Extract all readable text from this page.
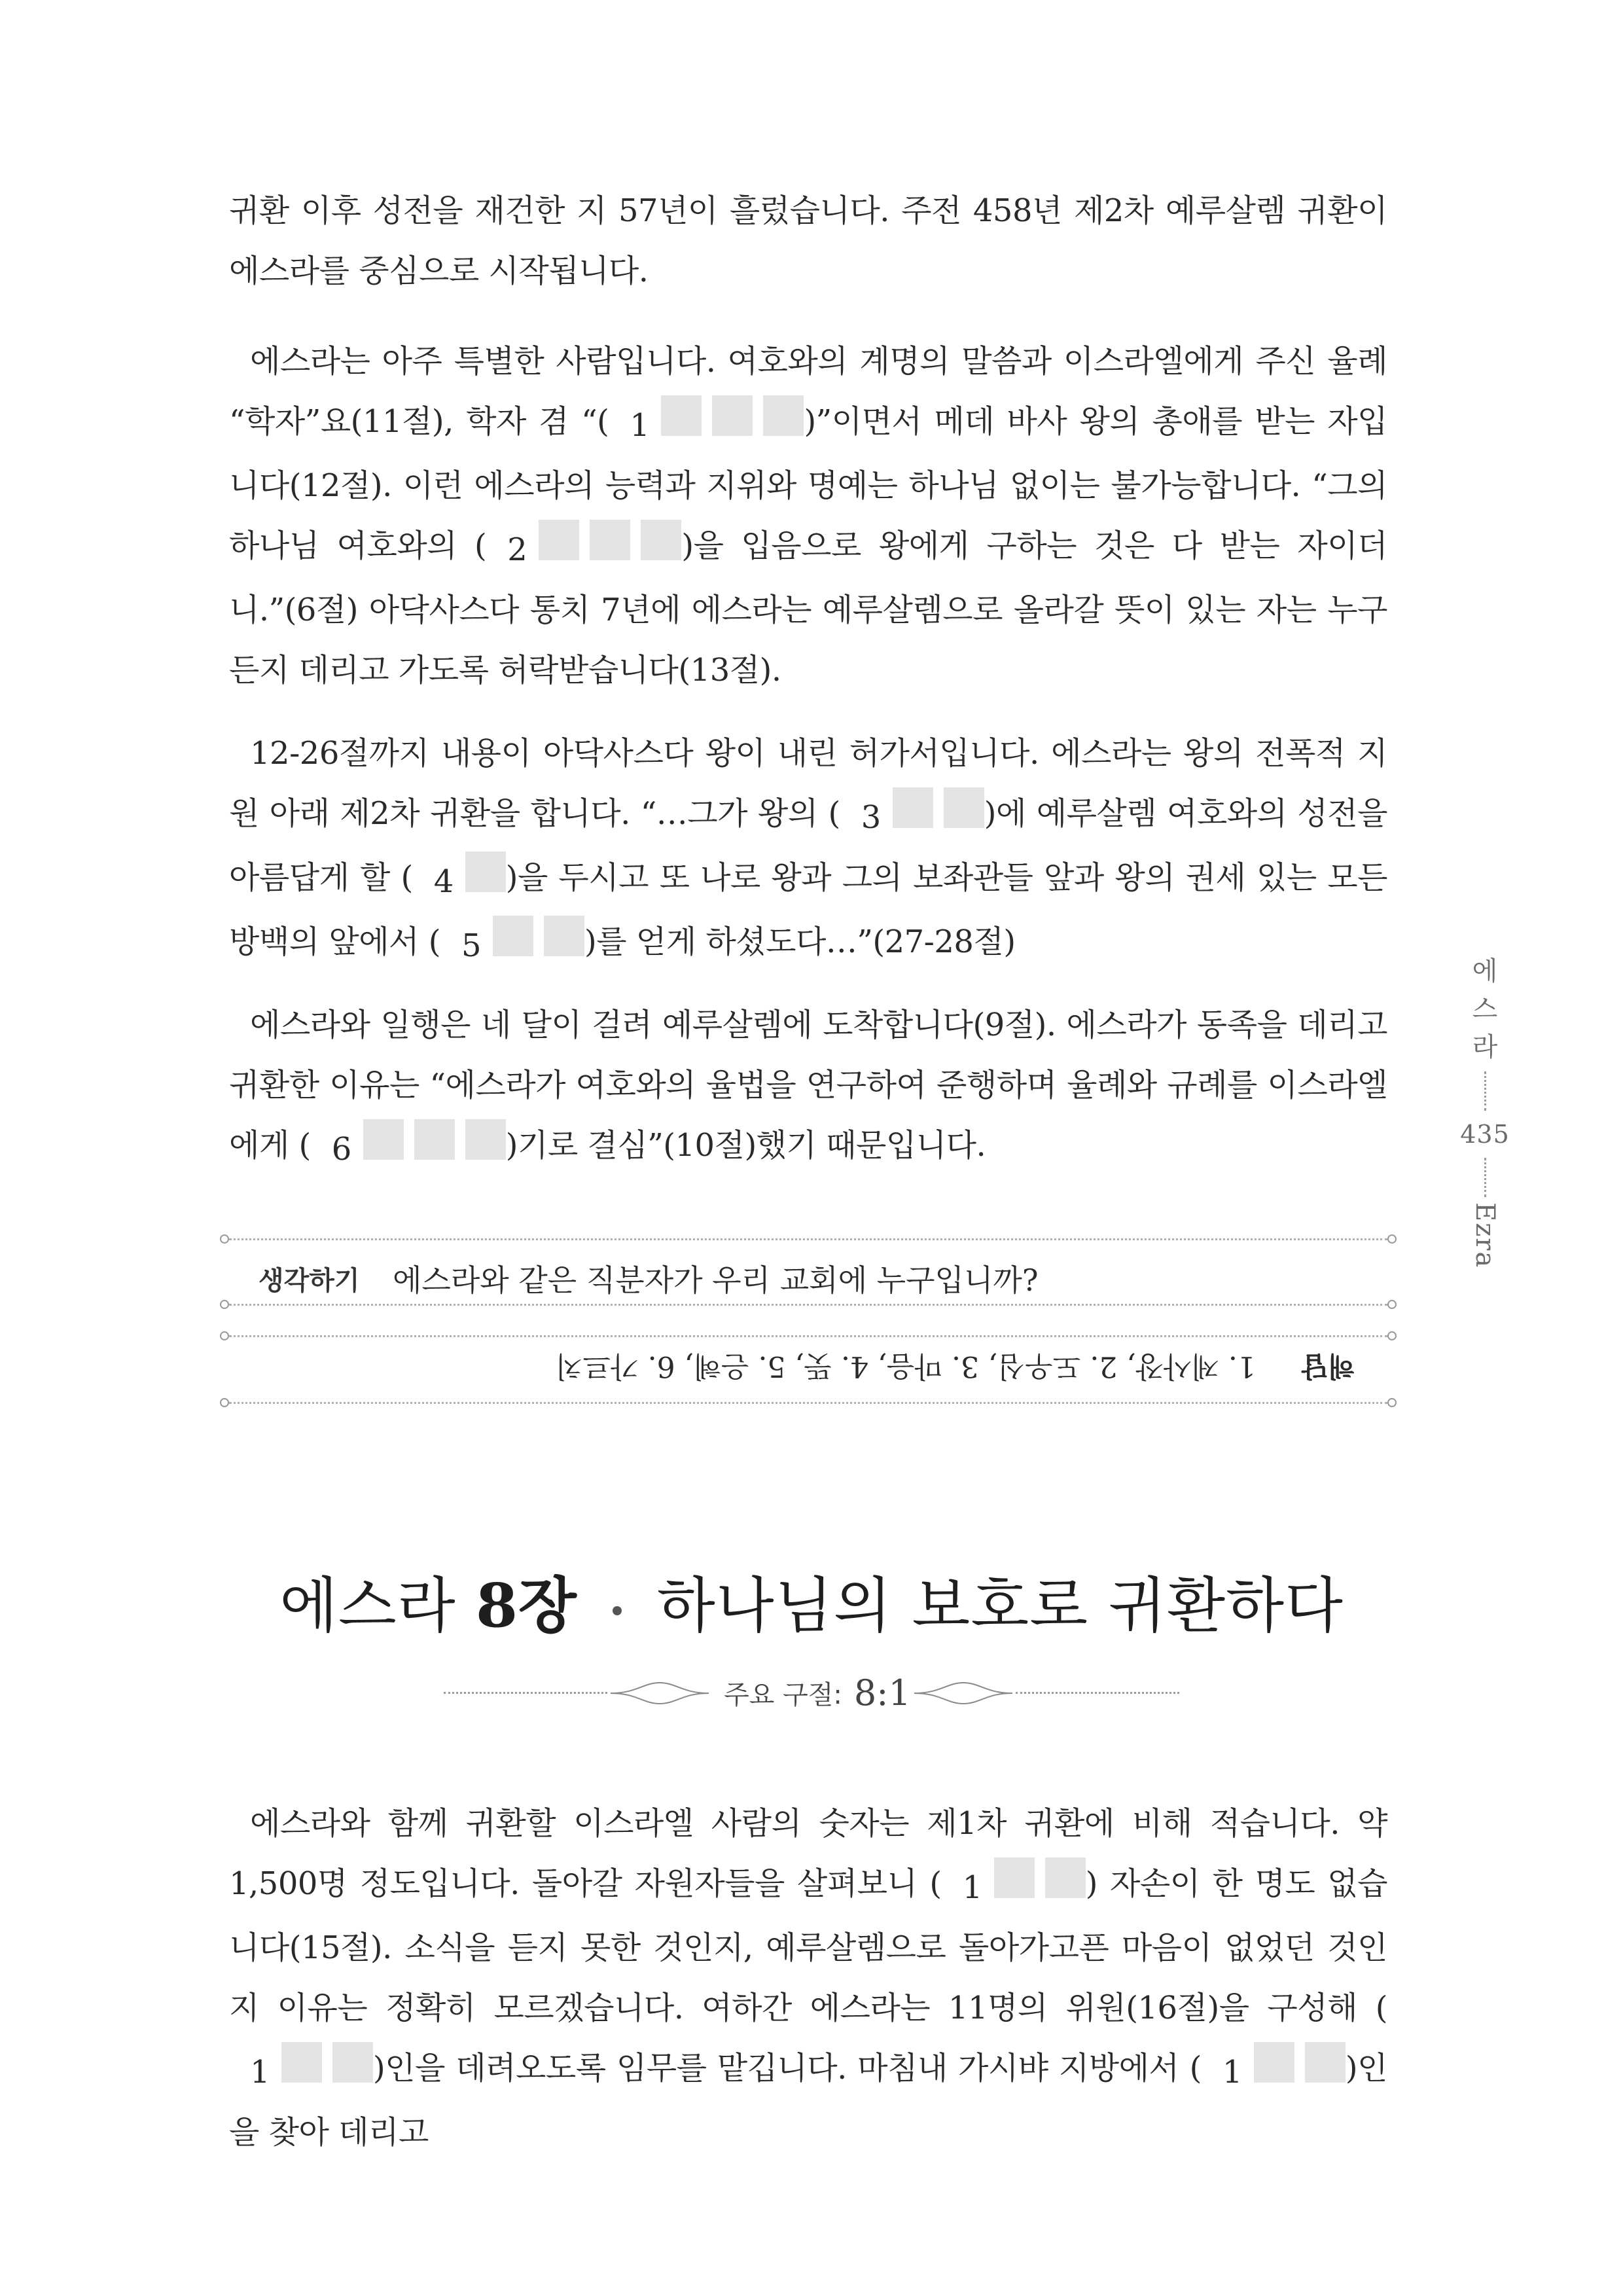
귀환 이후 성전을 재건한 지 57년이 흘렀습니다. 주전 458년 제2차 예루살렘 귀환이 에스라를 중심으로 시작됩니다.

에스라는 아주 특별한 사람입니다. 여호와의 계명의 말씀과 이스라엘에게 주신 율례 “학자”요(11절), 학자 겸 “( 1	)”이면서 메데 바사 왕의 총애를 받는 자입니다(12절). 이런 에스라의 능력과 지위와 명예는 하나님 없이는 불가능합니다. “그의 하나님 여호와의 ( 2	)을 입음으로 왕에게 구하는 것은 다 받는 자이더니.”(6절) 아닥사스다 통치 7년에 에스라는 예루살렘으로 올라갈 뜻이 있는 자는 누구든지 데리고 가도록 허락받습니다(13절).

12-26절까지 내용이 아닥사스다 왕이 내린 허가서입니다. 에스라는 왕의 전폭적 지원 아래 제2차 귀환을 합니다. “…그가 왕의 ( 3	)에 예루살렘 여호와의 성전을 아름답게 할 ( 4 )을 두시고 또 나로 왕과 그의 보좌관들 앞과 왕의 권세 있는 모든 방백의 앞에서 ( 5	)를 얻게 하셨도다…”(27-28절)

에스라와 일행은 네 달이 걸려 예루살렘에 도착합니다(9절). 에스라가 동족을 데리고 귀환한 이유는 “에스라가 여호와의 율법을 연구하여 준행하며 율례와 규례를 이스라엘에게 ( 6	)기로 결심”(10절)했기 때문입니다.

에
스
라
435
Ezra
생각하기 에스라와 같은 직분자가 우리 교회에 누구입니까?
해답1. 제사장, 2. 도우심, 3. 마음, 4. 뜻, 5. 은혜, 6. 가르치
에스라 8장 하나님의 보호로 귀환하다
주요 구절: 8:1

에스라와 함께 귀환할 이스라엘 사람의 숫자는 제1차 귀환에 비해 적습니다. 약 1,500명 정도입니다. 돌아갈 자원자들을 살펴보니 ( 1	) 자손이 한 명도 없습니다(15절). 소식을 듣지 못한 것인지, 예루살렘으로 돌아가고픈 마음이 없었던 것인지 이유는 정확히 모르겠습니다. 여하간 에스라는 11명의 위원(16절)을 구성해 (1	)인을 데려오도록 임무를 맡깁니다. 마침내 가시뱌 지방에서 ( 1	)인을 찾아 데리고
